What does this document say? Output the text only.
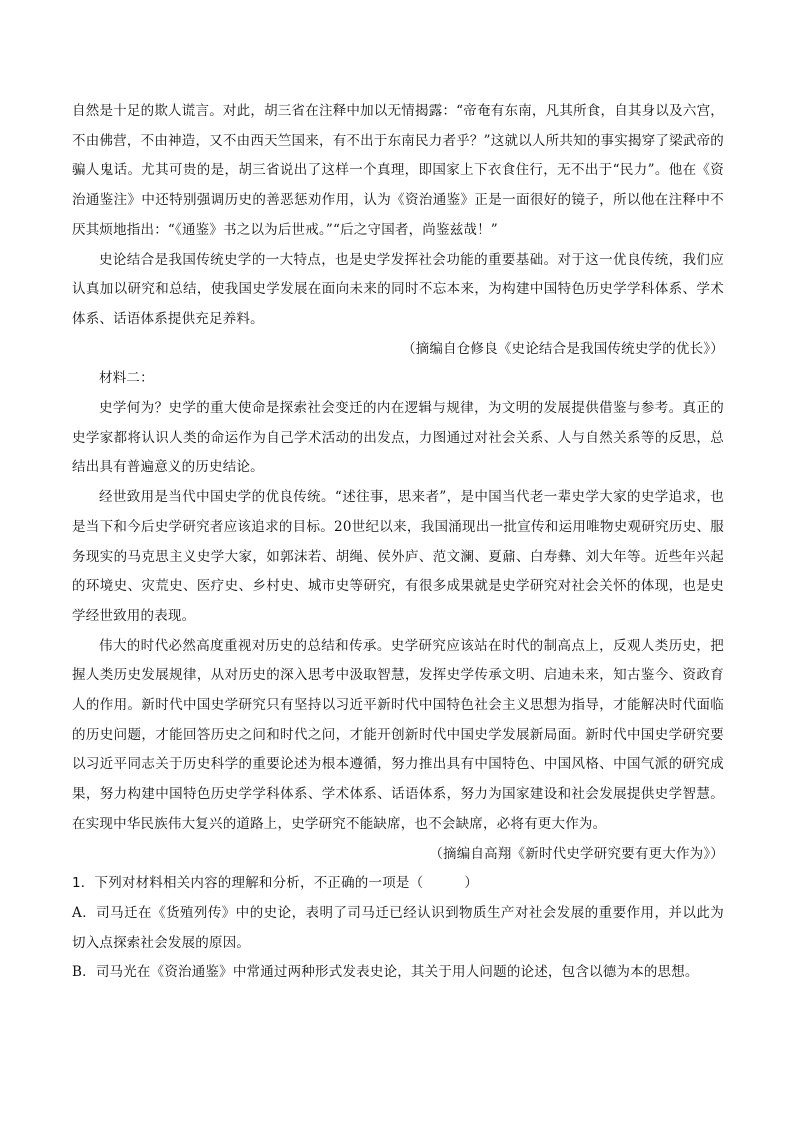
自然是十足的欺人谎言。对此，胡三省在注释中加以无情揭露：“帝奄有东南，凡其所食，自其身以及六宫，不由佛营，不由神造，又不由西天竺国来，有不出于东南民力者乎？”这就以人所共知的事实揭穿了梁武帝的骗人鬼话。尤其可贵的是，胡三省说出了这样一个真理，即国家上下衣食住行，无不出于“民力”。他在《资治通鉴注》中还特别强调历史的善恶惩劝作用，认为《资治通鉴》正是一面很好的镜子，所以他在注释中不厌其烦地指出：“《通鉴》书之以为后世戒。”“后之守国者，尚鉴兹哉！”

史论结合是我国传统史学的一大特点，也是史学发挥社会功能的重要基础。对于这一优良传统，我们应认真加以研究和总结，使我国史学发展在面向未来的同时不忘本来，为构建中国特色历史学学科体系、学术体系、话语体系提供充足养料。

（摘编自仓修良《史论结合是我国传统史学的优长》）

材料二：

史学何为？史学的重大使命是探索社会变迁的内在逻辑与规律，为文明的发展提供借鉴与参考。真正的史学家都将认识人类的命运作为自己学术活动的出发点，力图通过对社会关系、人与自然关系等的反思，总结出具有普遍意义的历史结论。

经世致用是当代中国史学的优良传统。“述往事，思来者”，是中国当代老一辈史学大家的史学追求，也是当下和今后史学研究者应该追求的目标。20世纪以来，我国涌现出一批宣传和运用唯物史观研究历史、服务现实的马克思主义史学大家，如郭沫若、胡绳、侯外庐、范文澜、夏鼐、白寿彝、刘大年等。近些年兴起的环境史、灾荒史、医疗史、乡村史、城市史等研究，有很多成果就是史学研究对社会关怀的体现，也是史学经世致用的表现。

伟大的时代必然高度重视对历史的总结和传承。史学研究应该站在时代的制高点上，反观人类历史，把握人类历史发展规律，从对历史的深入思考中汲取智慧，发挥史学传承文明、启迪未来，知古鉴今、资政育人的作用。新时代中国史学研究只有坚持以习近平新时代中国特色社会主义思想为指导，才能解决时代面临的历史问题，才能回答历史之问和时代之问，才能开创新时代中国史学发展新局面。新时代中国史学研究要以习近平同志关于历史科学的重要论述为根本遵循，努力推出具有中国特色、中国风格、中国气派的研究成果，努力构建中国特色历史学学科体系、学术体系、话语体系，努力为国家建设和社会发展提供史学智慧。在实现中华民族伟大复兴的道路上，史学研究不能缺席，也不会缺席，必将有更大作为。

（摘编自高翔《新时代史学研究要有更大作为》）

1．下列对材料相关内容的理解和分析，不正确的一项是（　　　）

A．司马迁在《货殖列传》中的史论，表明了司马迁已经认识到物质生产对社会发展的重要作用，并以此为切入点探索社会发展的原因。

B．司马光在《资治通鉴》中常通过两种形式发表史论，其关于用人问题的论述，包含以德为本的思想。
